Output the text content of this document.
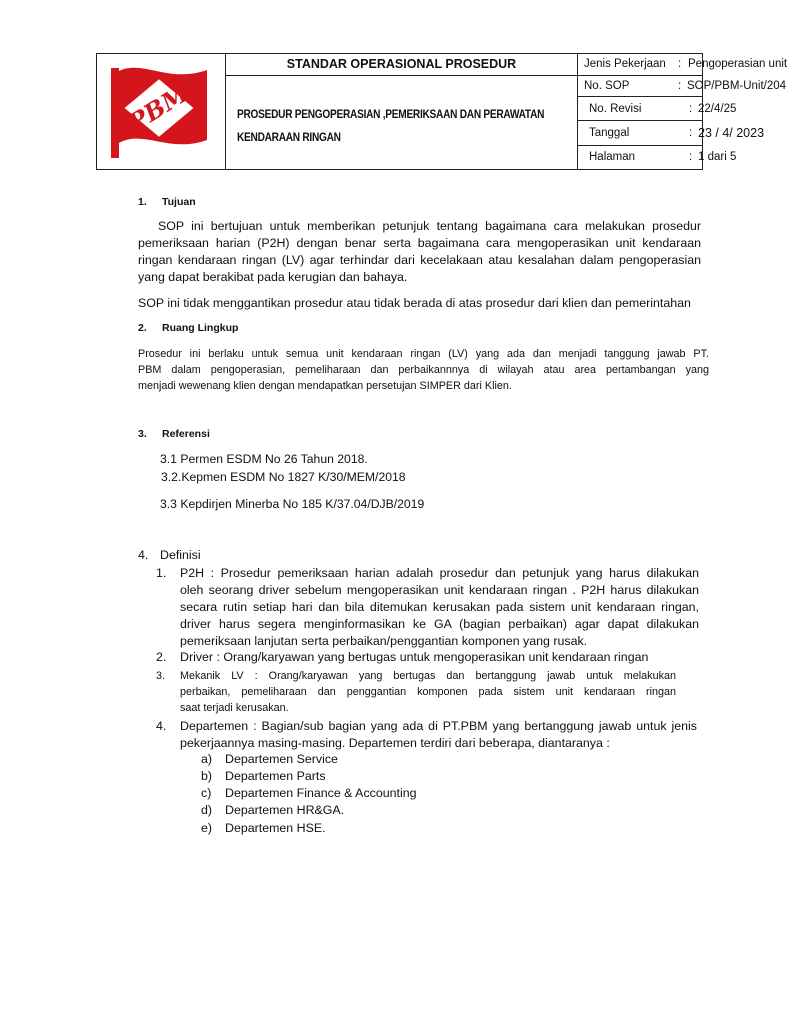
PBM
STANDAR OPERASIONAL PROSEDUR
PROSEDUR PENGOPERASIAN ,PEMERIKSAAN DAN PERAWATAN
KENDARAAN RINGAN
Jenis Pekerjaan : Pengoperasian unit
No. SOP	: SOP/PBM-Unit/204
No. Revisi	: 22/4/25
Tanggal	: 23 / 4/ 2023
Halaman	: 1 dari 5
1. Tujuan
SOP ini bertujuan untuk memberikan petunjuk tentang bagaimana cara melakukan prosedur
pemeriksaan harian (P2H) dengan benar serta bagaimana cara mengoperasikan unit kendaraan
ringan kendaraan ringan (LV) agar terhindar dari kecelakaan atau kesalahan dalam pengoperasian
yang dapat berakibat pada kerugian dan bahaya.
SOP ini tidak menggantikan prosedur atau tidak berada di atas prosedur dari klien dan pemerintahan
2. Ruang Lingkup
Prosedur ini berlaku untuk semua unit kendaraan ringan (LV) yang ada dan menjadi tanggung jawab PT.
PBM dalam pengoperasian, pemeliharaan dan perbaikannnya di wilayah atau area pertambangan yang
menjadi wewenang klien dengan mendapatkan persetujan SIMPER dari Klien.
3. Referensi
3.1 Permen ESDM No 26 Tahun 2018.
3.2.Kepmen ESDM No 1827 K/30/MEM/2018
3.3 Kepdirjen Minerba No 185 K/37.04/DJB/2019
4. Definisi
1. P2H : Prosedur pemeriksaan harian adalah prosedur dan petunjuk yang harus dilakukan
oleh seorang driver sebelum mengoperasikan unit kendaraan ringan . P2H harus dilakukan
secara rutin setiap hari dan bila ditemukan kerusakan pada sistem unit kendaraan ringan,
driver harus segera menginformasikan ke GA (bagian perbaikan) agar dapat dilakukan
pemeriksaan lanjutan serta perbaikan/penggantian komponen yang rusak.
2. Driver : Orang/karyawan yang bertugas untuk mengoperasikan unit kendaraan ringan
3. Mekanik LV : Orang/karyawan yang bertugas dan bertanggung jawab untuk melakukan
perbaikan, pemeliharaan dan penggantian komponen pada sistem unit kendaraan ringan
saat terjadi kerusakan.
4. Departemen : Bagian/sub bagian yang ada di PT.PBM yang bertanggung jawab untuk jenis
pekerjaannya masing-masing. Departemen terdiri dari beberapa, diantaranya :
a) Departemen Service
b) Departemen Parts
c) Departemen Finance & Accounting
d) Departemen HR&GA.
e) Departemen HSE.
